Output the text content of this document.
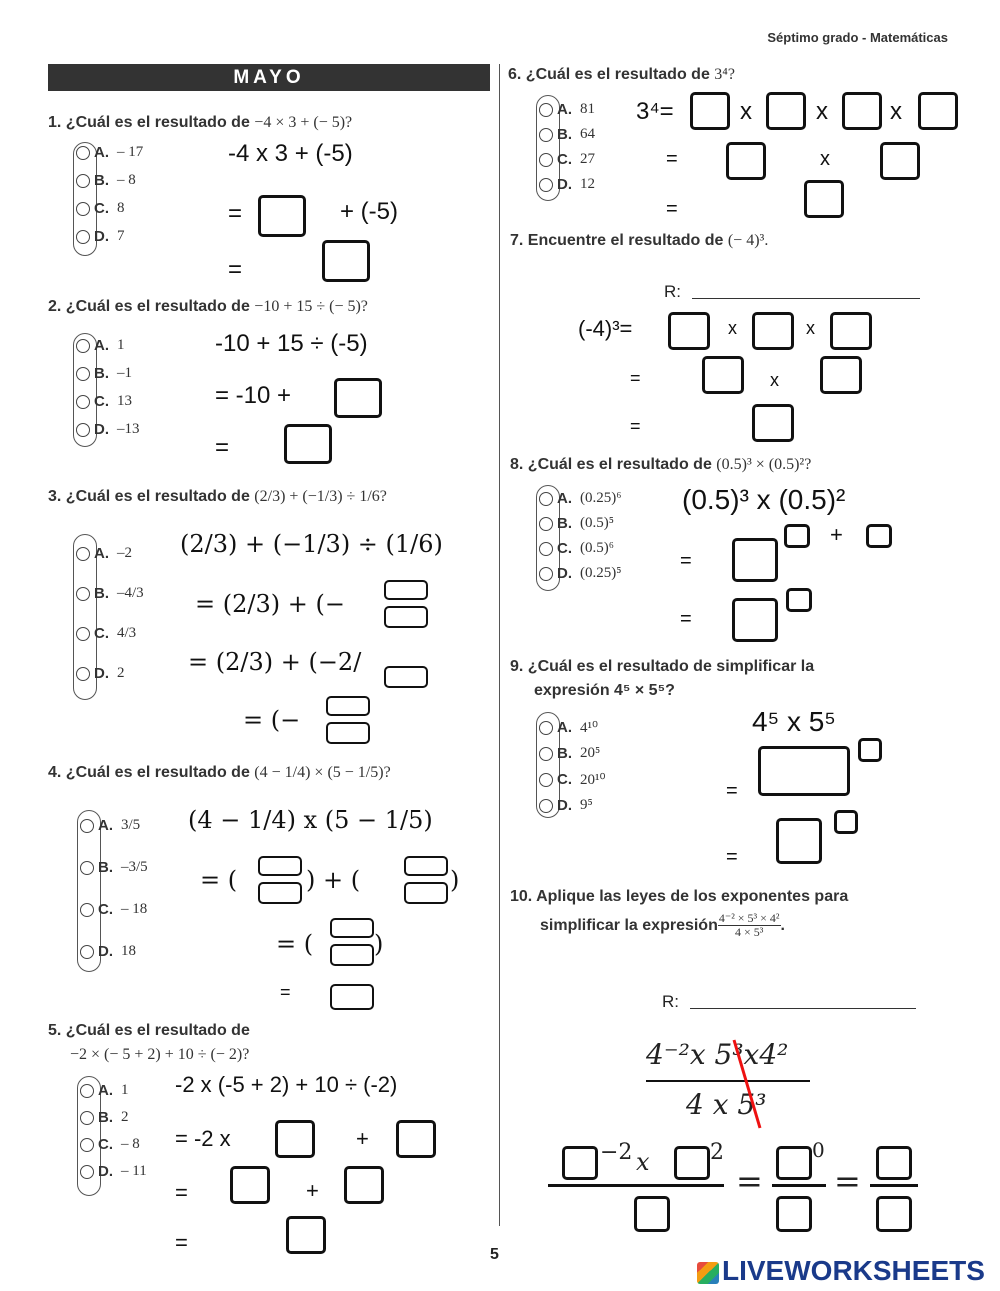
Séptimo grado - Matemáticas
MAYO
1. ¿Cuál es el resultado de −4 × 3 + (− 5)?
A. – 17
B. – 8
C. 8
D. 7
-4 x 3 + (-5)
=	+ (-5)
=
2. ¿Cuál es el resultado de −10 + 15 ÷ (− 5)?
A. 1
B. –1
C. 13
D. –13
-10 + 15 ÷ (-5)
= -10 +
=
3. ¿Cuál es el resultado de (2/3) + (−1/3) ÷ 1/6?
A. –2
B. –4/3
C. 4/3
D. 2
(2/3) + (−1/3) ÷ (1/6)
= (2/3) + (−
= (2/3) + (−2/
= (−
4. ¿Cuál es el resultado de (4 − 1/4) × (5 − 1/5)?
A. 3/5
B. –3/5
C. – 18
D. 18
(4 − 1/4) x (5 − 1/5)
= (	) + (	)
= (	)
=
5. ¿Cuál es el resultado de
−2 × (− 5 + 2) + 10 ÷ (− 2)?
A. 1
B. 2
C. – 8
D. – 11
-2 x (-5 + 2) + 10 ÷ (-2)
= -2 x	+
=	+
=
6. ¿Cuál es el resultado de 3⁴?
A. 81
B. 64
C. 27
D. 12
3⁴=	x	x	x
=	x
=
7. Encuentre el resultado de (− 4)³.
R:
(-4)³=	x	x
=	x
=
8. ¿Cuál es el resultado de (0.5)³ × (0.5)²?
A. (0.25)⁶
B. (0.5)⁵
C. (0.5)⁶
D. (0.25)⁵
(0.5)³ x (0.5)²
=
+
=
9. ¿Cuál es el resultado de simplificar la
expresión 4⁵ × 5⁵?
A. 4¹⁰
B. 20⁵
C. 20¹⁰
D. 9⁵
4⁵ x 5⁵
=
=
10. Aplique las leyes de los exponentes para
simplificar la expresión $\frac{\text{4⁻² × 5³ × 4²}}{\text{4 × 5³}}$ .
R:
4⁻²x 5³x4²
4 x 5³
−2 x	2
=
0
=
5
LIVEWORKSHEETS
